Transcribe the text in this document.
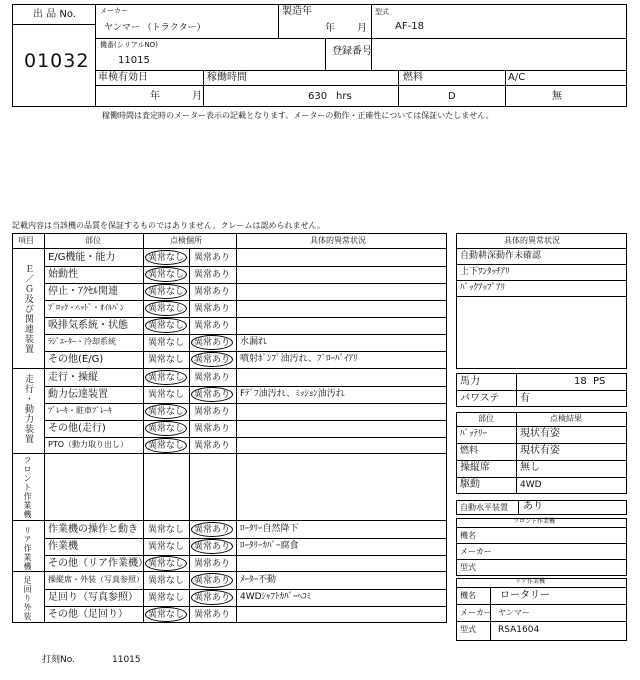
出 品 No.
01032
メーカー
ヤンマー （トラクター）
製造年
年 月
型式
AF-18
機番(シリアルNO)
11015
登録番号
車検有効日
年	月
稼働時間
630 hrs
燃料
D
A/C
無
稼働時間は査定時のメーター表示の記載となります。メーターの動作・正確性については保証いたしません。
記載内容は当該機の品質を保証するものではありません。クレームは認められません。
項目	部位	点検個所	具体的異常状況
Ｅ／Ｇ及び関連装置
走行・動力装置
フロント作業機
リア作業機
足回り外装
E/G機能・能力	異常なし 異常あり
始動性	異常なし 異常あり
停止・ｱｸｾﾙ関連	異常なし 異常あり
ﾌﾞﾛｯｸ・ﾍｯﾄﾞ・ｵｲﾙﾊﾟﾝ	異常なし 異常あり
吸排気系統・状態 異常なし 異常あり
ﾗｼﾞｴｰﾀｰ・冷却系統	異常なし 異常あり 水漏れ
その他(E/G)	異常なし 異常あり 噴射ﾎﾟﾝﾌﾟ油汚れ、ﾌﾞﾛｰﾊﾞｲｱﾘ
走行・操縦	異常なし 異常あり
動力伝達装置	異常なし 異常あり Fﾃﾞﾌ油汚れ、ﾐｯｼｮﾝ油汚れ
ﾌﾞﾚｰｷ・駐車ﾌﾞﾚｰｷ	異常なし 異常あり
その他(走行)	異常なし 異常あり
PTO（動力取り出し） 異常なし 異常あり
作業機の操作と動き 異常なし 異常あり ﾛｰﾀﾘｰ自然降下
作業機	異常なし 異常あり ﾛｰﾀﾘｰｶﾊﾞｰ腐食
その他（リア作業機） 異常なし 異常あり
操縦席・外装（写真参照） 異常なし 異常あり ﾒｰﾀｰ不動
足回り（写真参照） 異常なし 異常あり 4WDｼｬﾌﾄｶﾊﾞｰﾍｺﾐ
その他（足回り） 異常なし 異常あり
具体的異常状況
自動耕深動作未確認
上下ﾜﾝﾀｯﾁｱﾘ
ﾊﾞｯｸｱｯﾌﾟｱﾘ
馬力	18 PS
パワステ 有
部位	点検結果
ﾊﾞｯﾃﾘｰ	現状有姿
燃料	現状有姿
操縦席	無し
駆動	4WD
自動水平装置 あり
フロント作業機
機名
メーカー
型式
リア作業機
機名 ロータリー
メーカー ヤンマー
型式 RSA1604
打刻No.	11015
